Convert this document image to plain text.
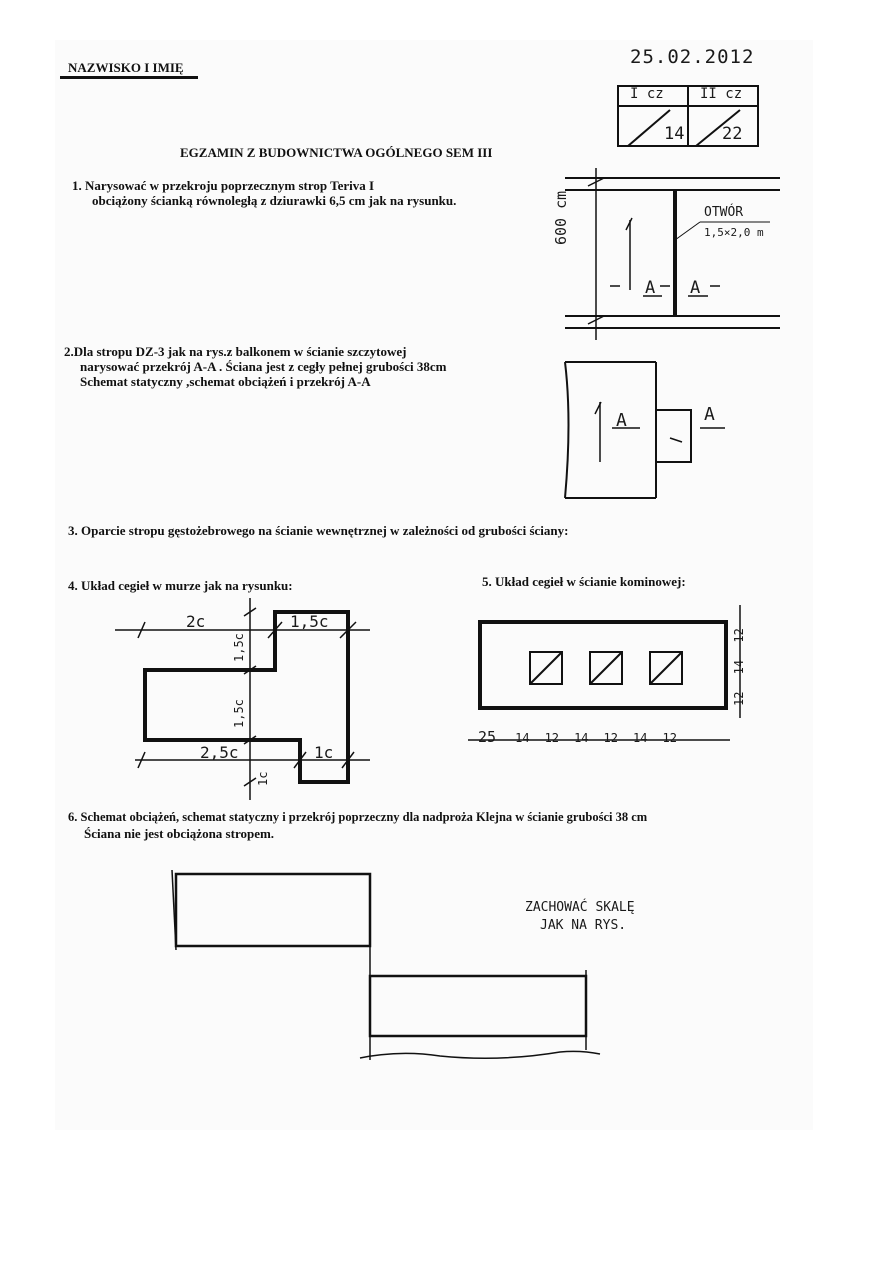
NAZWISKO I IMIĘ	25.02.2012
I cz	II cz
14 22
EGZAMIN Z BUDOWNICTWA OGÓLNEGO SEM III
1. Narysować w przekroju poprzecznym strop Teriva I
obciążony ścianką równoległą z dziurawki 6,5 cm jak na rysunku.	600 cm	OTWÓR
1,5×2,0 m
A A
2.Dla stropu DZ-3 jak na rys.z balkonem w ścianie szczytowej
narysować przekrój A-A . Ściana jest z cegły pełnej grubości 38cm
Schemat statyczny ,schemat obciążeń i przekrój A-A
A	A
3. Oparcie stropu gęstożebrowego na ścianie wewnętrznej w zależności od grubości ściany:
4. Układ cegieł w murze jak na rysunku:
2c	1,5c
1,5c
1,5c
2,5c	1c
1c
5. Układ cegieł w ścianie kominowej:
25 14 12 14 12 14 12
12 14 12
6. Schemat obciążeń, schemat statyczny i przekrój poprzeczny dla nadproża Klejna w ścianie grubości 38 cm
Ściana nie jest obciążona stropem.
ZACHOWAĆ SKALĘ
JAK NA RYS.
